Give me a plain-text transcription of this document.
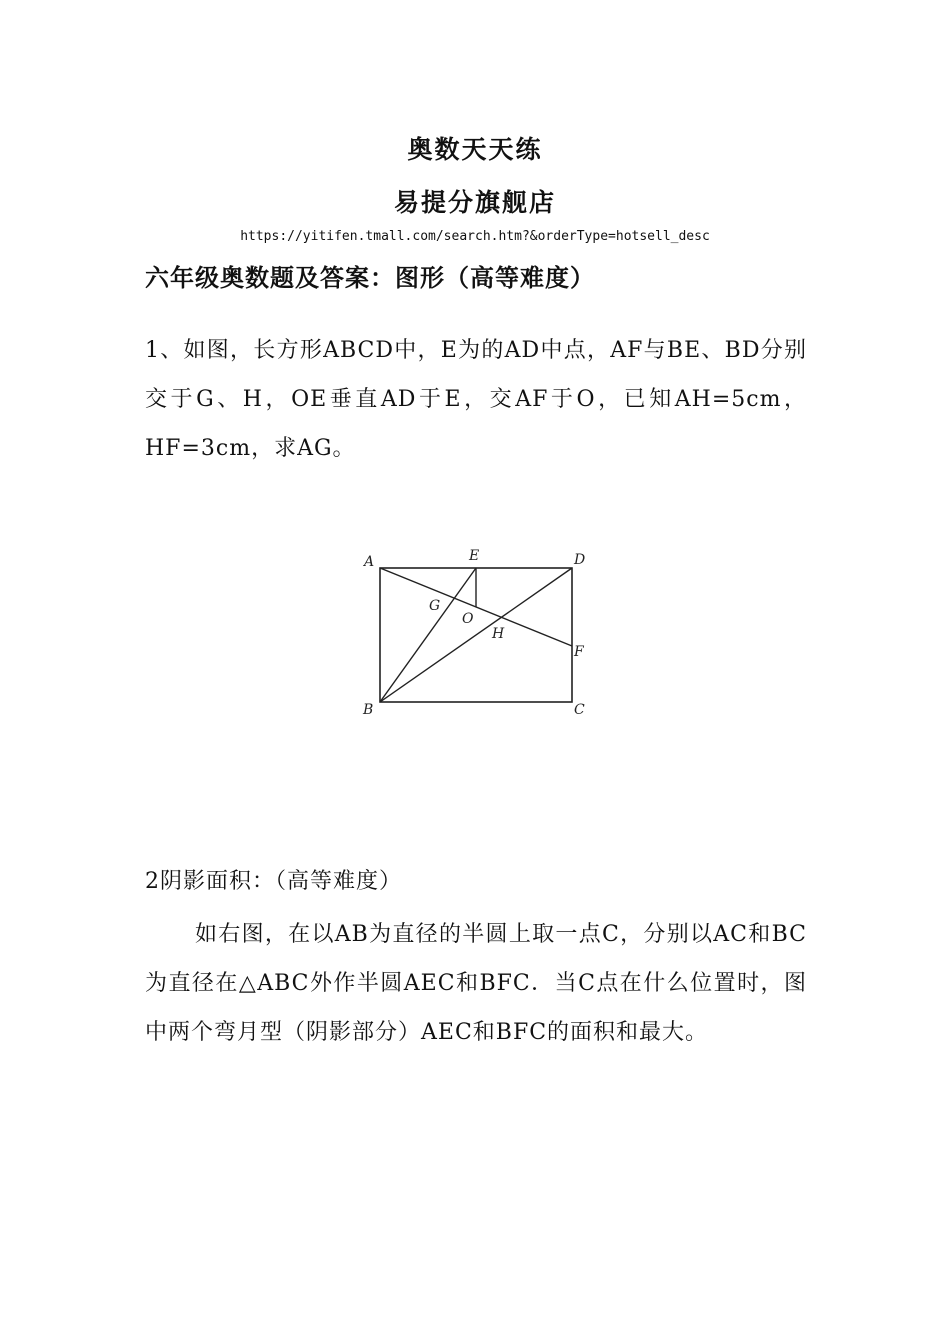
奥数天天练
易提分旗舰店
https://yitifen.tmall.com/search.htm?&orderType=hotsell_desc
六年级奥数题及答案：图形（高等难度）
1、如图，长方形ABCD中，E为的AD中点，AF与BE、BD分别交于G、H，OE垂直AD于E，交AF于O，已知AH=5cm，HF=3cm，求AG。
A	E	D
G
O
H
F
B	C
2阴影面积：（高等难度）
如右图，在以AB为直径的半圆上取一点C，分别以AC和BC为直径在△ABC外作半圆AEC和BFC．当C点在什么位置时，图中两个弯月型（阴影部分）AEC和BFC的面积和最大。
